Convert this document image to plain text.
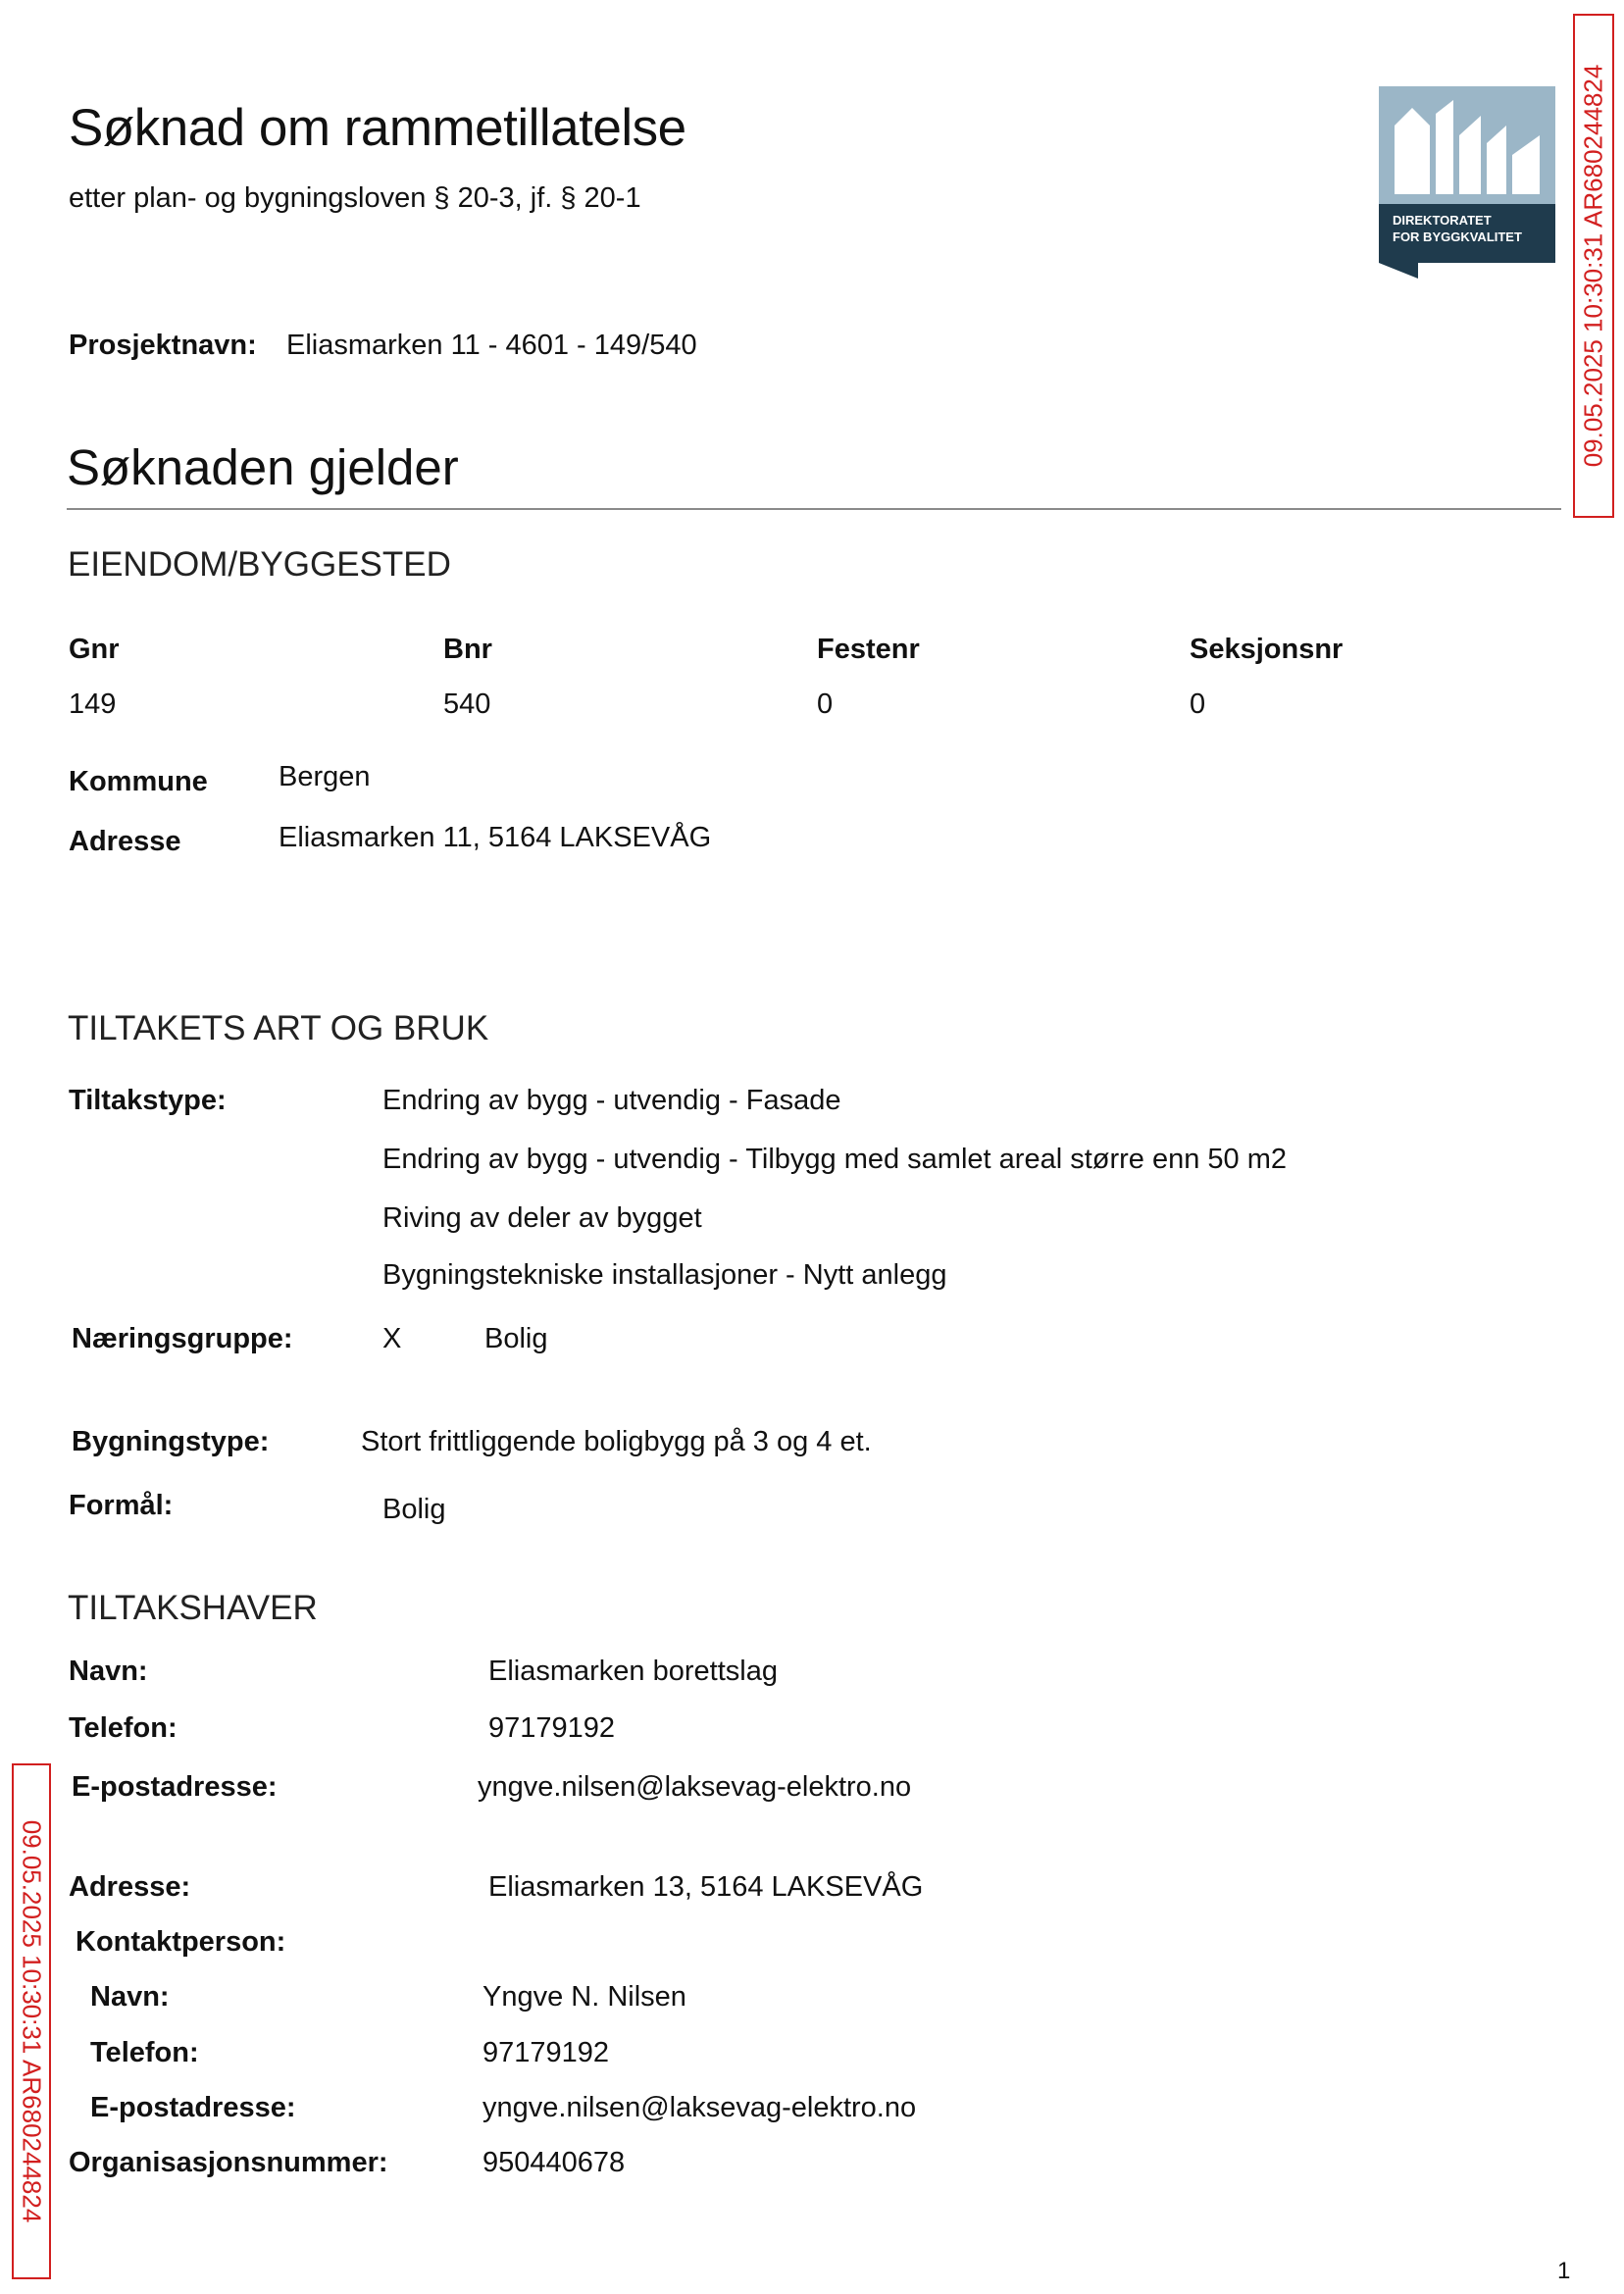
Søknad om rammetillatelse
etter plan- og bygningsloven § 20-3, jf. § 20-1
DIREKTORATET
FOR BYGGKVALITET 09.05.2025 10:30:31 AR680244824
09.05.2025 10:30:31 AR680244824
Prosjektnavn: Eliasmarken 11 - 4601 - 149/540
Søknaden gjelder
EIENDOM/BYGGESTED
Gnr	Bnr	Festenr	Seksjonsnr
149	540	0	0
Kommune Bergen
Adresse	Eliasmarken 11, 5164 LAKSEVÅG
TILTAKETS ART OG BRUK
Tiltakstype:	Endring av bygg - utvendig - Fasade
Endring av bygg - utvendig - Tilbygg med samlet areal større enn 50 m2
Riving av deler av bygget
Bygningstekniske installasjoner - Nytt anlegg
Næringsgruppe:	X	Bolig
Bygningstype:	Stort frittliggende boligbygg på 3 og 4 et.
Formål:	Bolig
TILTAKSHAVER
Navn:	Eliasmarken borettslag
Telefon:	97179192
E-postadresse:	yngve.nilsen@laksevag-elektro.no
Adresse:	Eliasmarken 13, 5164 LAKSEVÅG
Kontaktperson:
Navn:	Yngve N. Nilsen
Telefon:	97179192
E-postadresse:	yngve.nilsen@laksevag-elektro.no
Organisasjonsnummer:	950440678
1
